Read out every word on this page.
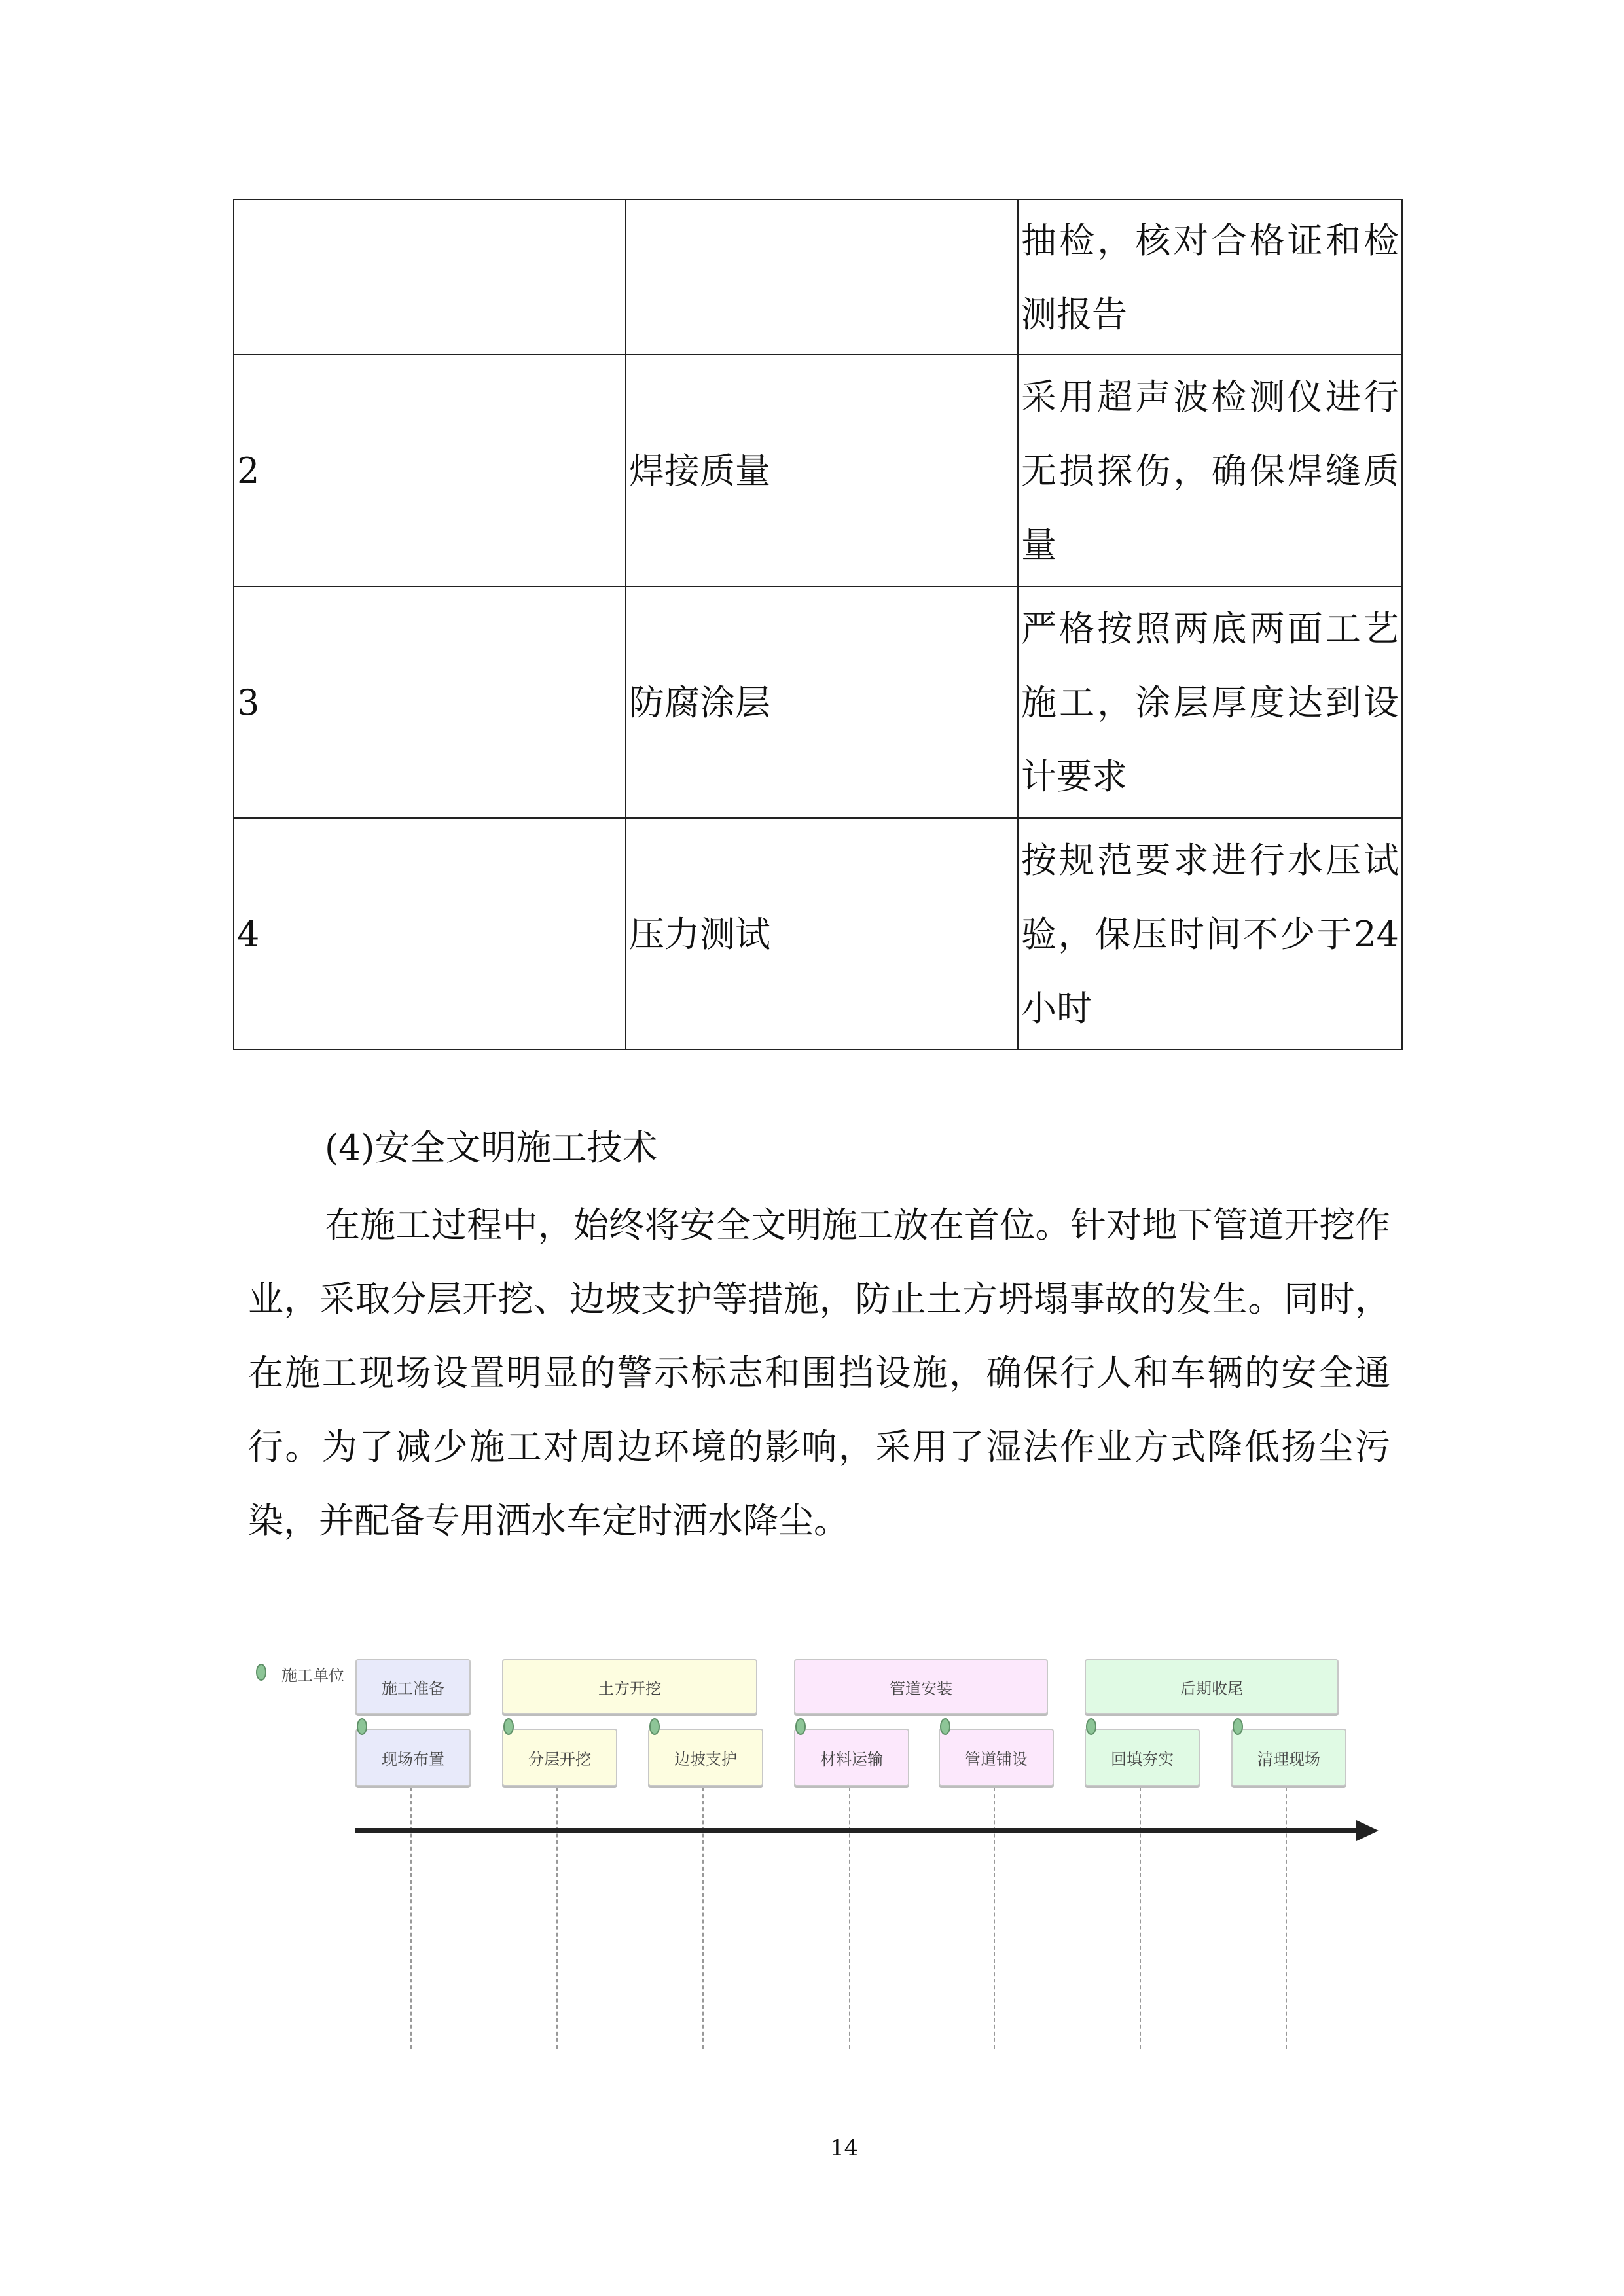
		抽检，核对合格证和检测报告
2	焊接质量	采用超声波检测仪进行无损探伤，确保焊缝质量
3	防腐涂层	严格按照两底两面工艺施工，涂层厚度达到设计要求
4	压力测试	按规范要求进行水压试验，保压时间不少于24 小时
(4)安全文明施工技术
在施工过程中，始终将安全文明施工放在首位。针对地下管道开挖作业，采取分层开挖、边坡支护等措施，防止土方坍塌事故的发生。同时，在施工现场设置明显的警示标志和围挡设施，确保行人和车辆的安全通行。为了减少施工对周边环境的影响，采用了湿法作业方式降低扬尘污染，并配备专用洒水车定时洒水降尘。
施工单位
施工准备	土方开挖	管道安装	后期收尾
现场布置	分层开挖	边坡支护	材料运输	管道铺设	回填夯实	清理现场
14
